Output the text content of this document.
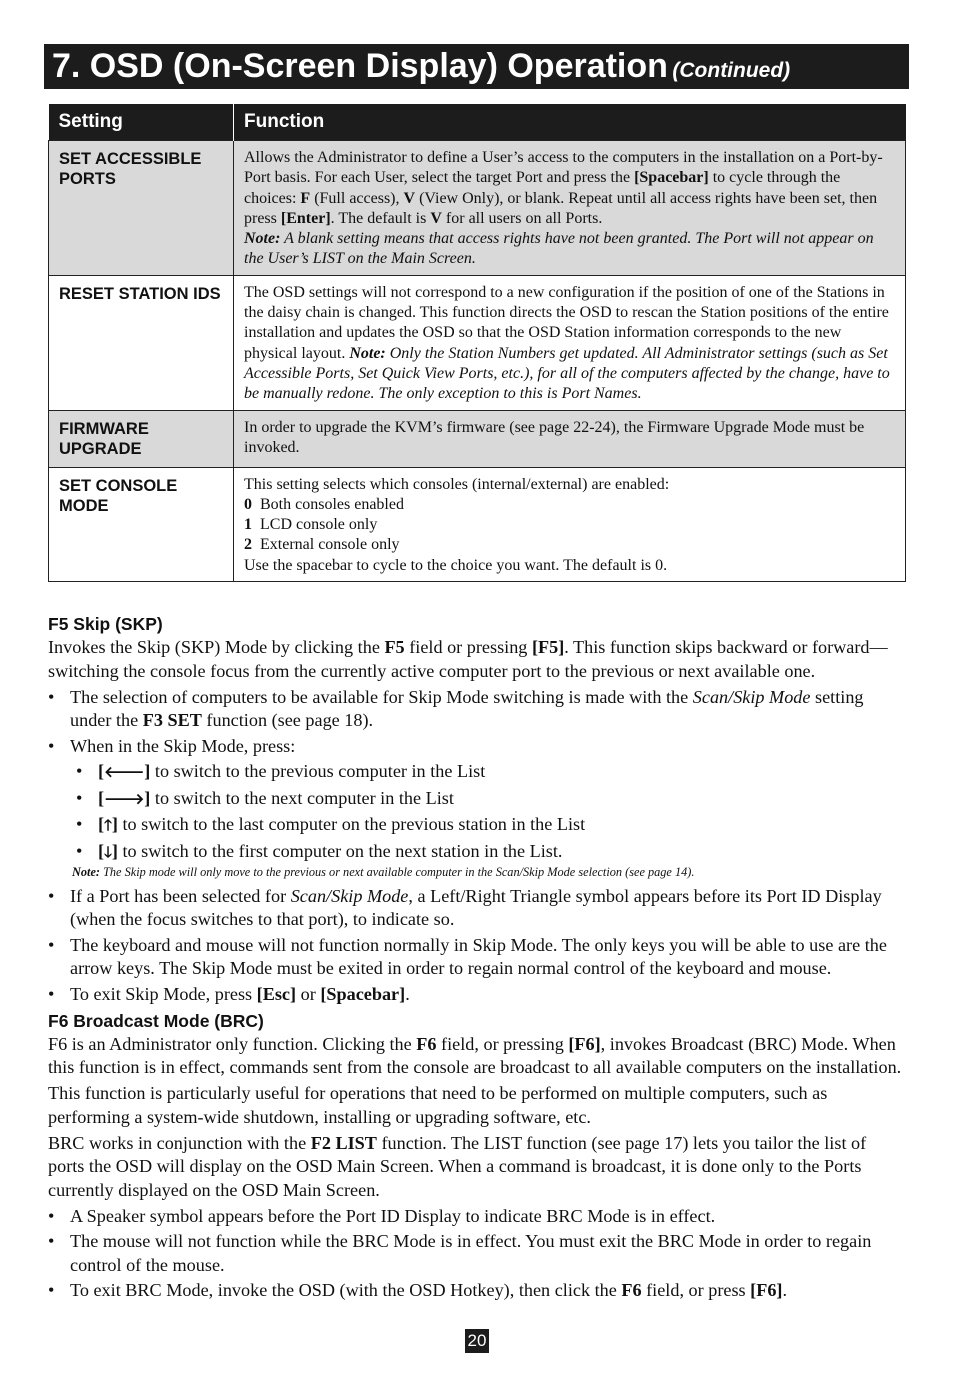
7. OSD (On-Screen Display) Operation (Continued)
Setting	Function
SET ACCESSIBLE PORTS	Allows the Administrator to define a User’s access to the computers in the installation on a Port-by-Port basis. For each User, select the target Port and press the [Spacebar] to cycle through the choices: F (Full access), V (View Only), or blank. Repeat until all access rights have been set, then press [Enter]. The default is V for all users on all Ports.
Note: A blank setting means that access rights have not been granted. The Port will not appear on the User’s LIST on the Main Screen.
RESET STATION IDS	The OSD settings will not correspond to a new configuration if the position of one of the Stations in the daisy chain is changed. This function directs the OSD to rescan the Station positions of the entire installation and updates the OSD so that the OSD Station information corresponds to the new physical layout. Note: Only the Station Numbers get updated. All Administrator settings (such as Set Accessible Ports, Set Quick View Ports, etc.), for all of the computers affected by the change, have to be manually redone. The only exception to this is Port Names.
FIRMWARE UPGRADE	In order to upgrade the KVM’s firmware (see page 22-24), the Firmware Upgrade Mode must be invoked.
SET CONSOLE MODE	This setting selects which consoles (internal/external) are enabled:
0  Both consoles enabled
1  LCD console only
2  External console only
Use the spacebar to cycle to the choice you want. The default is 0.
F5 Skip (SKP)

Invokes the Skip (SKP) Mode by clicking the F5 field or pressing [F5]. This function skips backward or forward—switching the console focus from the currently active computer port to the previous or next available one.

• The selection of computers to be available for Skip Mode switching is made with the Scan/Skip Mode setting under the F3 SET function (see page 18).
• When in the Skip Mode, press:
• [🡐] to switch to the previous computer in the List
• [🡒] to switch to the next computer in the List
• [🡑] to switch to the last computer on the previous station in the List
• [🡓] to switch to the first computer on the next station in the List.
Note: The Skip mode will only move to the previous or next available computer in the Scan/Skip Mode selection (see page 14).
• If a Port has been selected for Scan/Skip Mode, a Left/Right Triangle symbol appears before its Port ID Display (when the focus switches to that port), to indicate so.
• The keyboard and mouse will not function normally in Skip Mode. The only keys you will be able to use are the arrow keys. The Skip Mode must be exited in order to regain normal control of the keyboard and mouse.
• To exit Skip Mode, press [Esc] or [Spacebar].
F6 Broadcast Mode (BRC)

F6 is an Administrator only function. Clicking the F6 field, or pressing [F6], invokes Broadcast (BRC) Mode. When this function is in effect, commands sent from the console are broadcast to all available computers on the installation.

This function is particularly useful for operations that need to be performed on multiple computers, such as performing a system-wide shutdown, installing or upgrading software, etc.

BRC works in conjunction with the F2 LIST function. The LIST function (see page 17) lets you tailor the list of ports the OSD will display on the OSD Main Screen. When a command is broadcast, it is done only to the Ports currently displayed on the OSD Main Screen.

• A Speaker symbol appears before the Port ID Display to indicate BRC Mode is in effect.
• The mouse will not function while the BRC Mode is in effect. You must exit the BRC Mode in order to regain control of the mouse.
• To exit BRC Mode, invoke the OSD (with the OSD Hotkey), then click the F6 field, or press [F6].
20
